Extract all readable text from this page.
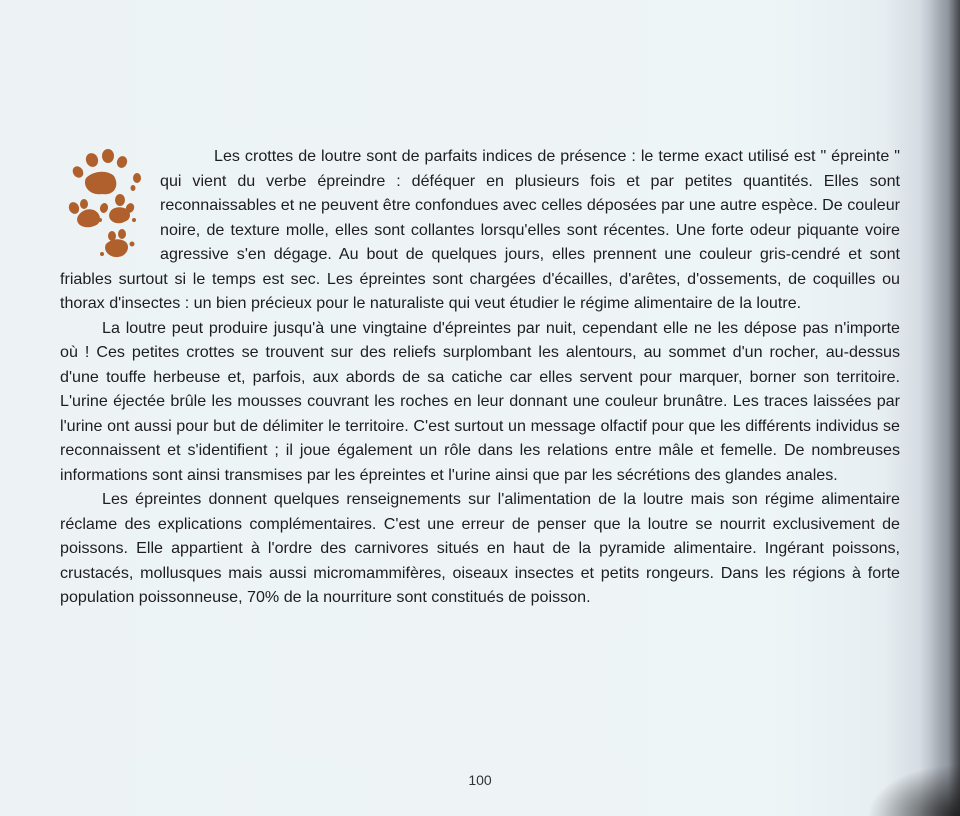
Les crottes de loutre sont de parfaits indices de présence : le terme exact utilisé est " épreinte " qui vient du verbe épreindre : déféquer en plusieurs fois et par petites quantités. Elles sont reconnaissables et ne peuvent être confondues avec celles déposées par une autre espèce. De couleur noire, de texture molle, elles sont collantes lorsqu'elles sont récentes. Une forte odeur piquante voire agressive s'en dégage. Au bout de quelques jours, elles prennent une couleur gris-cendré et sont friables surtout si le temps est sec. Les épreintes sont chargées d'écailles, d'arêtes, d'ossements, de coquilles ou thorax d'insectes : un bien précieux pour le naturaliste qui veut étudier le régime alimentaire de la loutre.

La loutre peut produire jusqu'à une vingtaine d'épreintes par nuit, cependant elle ne les dépose pas n'importe où ! Ces petites crottes se trouvent sur des reliefs surplombant les alentours, au sommet d'un rocher, au-dessus d'une touffe herbeuse et, parfois, aux abords de sa catiche car elles servent pour marquer, borner son territoire. L'urine éjectée brûle les mousses couvrant les roches en leur donnant une couleur brunâtre. Les traces laissées par l'urine ont aussi pour but de délimiter le territoire. C'est surtout un message olfactif pour que les différents individus se reconnaissent et s'identifient ; il joue également un rôle dans les relations entre mâle et femelle. De nombreuses informations sont ainsi transmises par les épreintes et l'urine ainsi que par les sécrétions des glandes anales.

Les épreintes donnent quelques renseignements sur l'alimentation de la loutre mais son régime alimentaire réclame des explications complémentaires. C'est une erreur de penser que la loutre se nourrit exclusivement de poissons. Elle appartient à l'ordre des carnivores situés en haut de la pyramide alimentaire. Ingérant poissons, crustacés, mollusques mais aussi micromammifères, oiseaux insectes et petits rongeurs. Dans les régions à forte population poissonneuse, 70% de la nourriture sont constitués de poisson.

100
